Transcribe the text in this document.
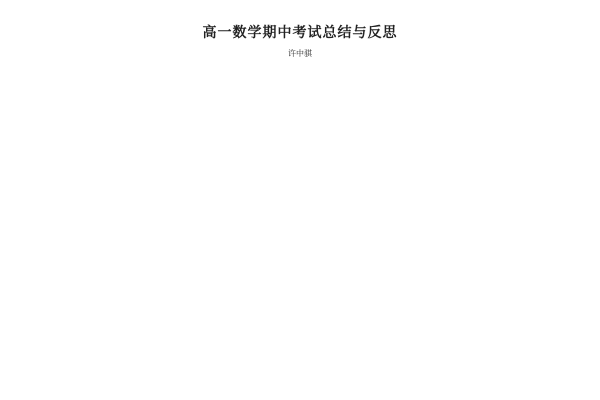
高一数学期中考试总结与反思
许中骐
